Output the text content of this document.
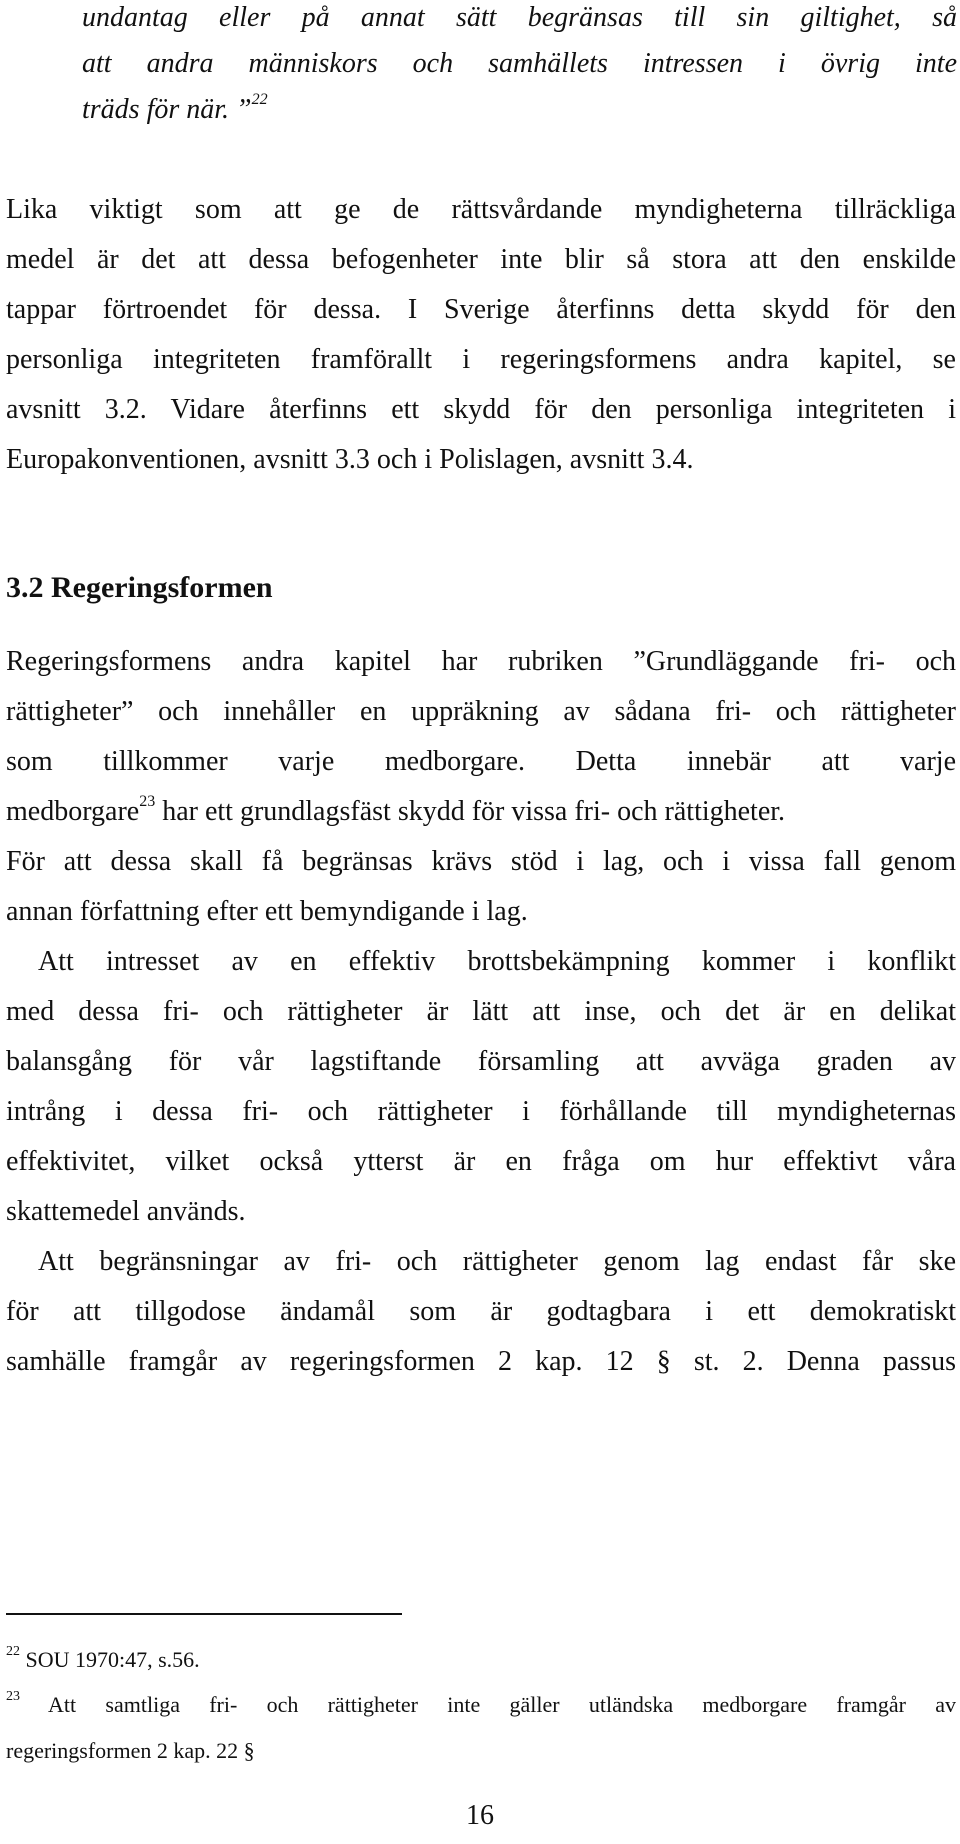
undantag eller på annat sätt begränsas till sin giltighet, så
att andra människors och samhällets intressen i övrig inte
träds för när. ”$^{22}$
Lika viktigt som att ge de rättsvårdande myndigheterna tillräckliga
medel är det att dessa befogenheter inte blir så stora att den enskilde
tappar förtroendet för dessa. I Sverige återfinns detta skydd för den
personliga integriteten framförallt i regeringsformens andra kapitel, se
avsnitt 3.2. Vidare återfinns ett skydd för den personliga integriteten i
Europakonventionen, avsnitt 3.3 och i Polislagen, avsnitt 3.4.
3.2 Regeringsformen
Regeringsformens andra kapitel har rubriken ”Grundläggande fri- och
rättigheter” och innehåller en uppräkning av sådana fri- och rättigheter
som tillkommer varje medborgare. Detta innebär att varje
medborgare$^{23}$ har ett grundlagsfäst skydd för vissa fri- och rättigheter.
För att dessa skall få begränsas krävs stöd i lag, och i vissa fall genom
annan författning efter ett bemyndigande i lag.
Att intresset av en effektiv brottsbekämpning kommer i konflikt
med dessa fri- och rättigheter är lätt att inse, och det är en delikat
balansgång för vår lagstiftande församling att avväga graden av
intrång i dessa fri- och rättigheter i förhållande till myndigheternas
effektivitet, vilket också ytterst är en fråga om hur effektivt våra
skattemedel används.
Att begränsningar av fri- och rättigheter genom lag endast får ske
för att tillgodose ändamål som är godtagbara i ett demokratiskt
samhälle framgår av regeringsformen 2 kap. 12 § st. 2. Denna passus
$^{22}$ SOU 1970:47, s.56.
$^{23}$ Att samtliga fri- och rättigheter inte gäller utländska medborgare framgår av
regeringsformen 2 kap. 22 §
16
